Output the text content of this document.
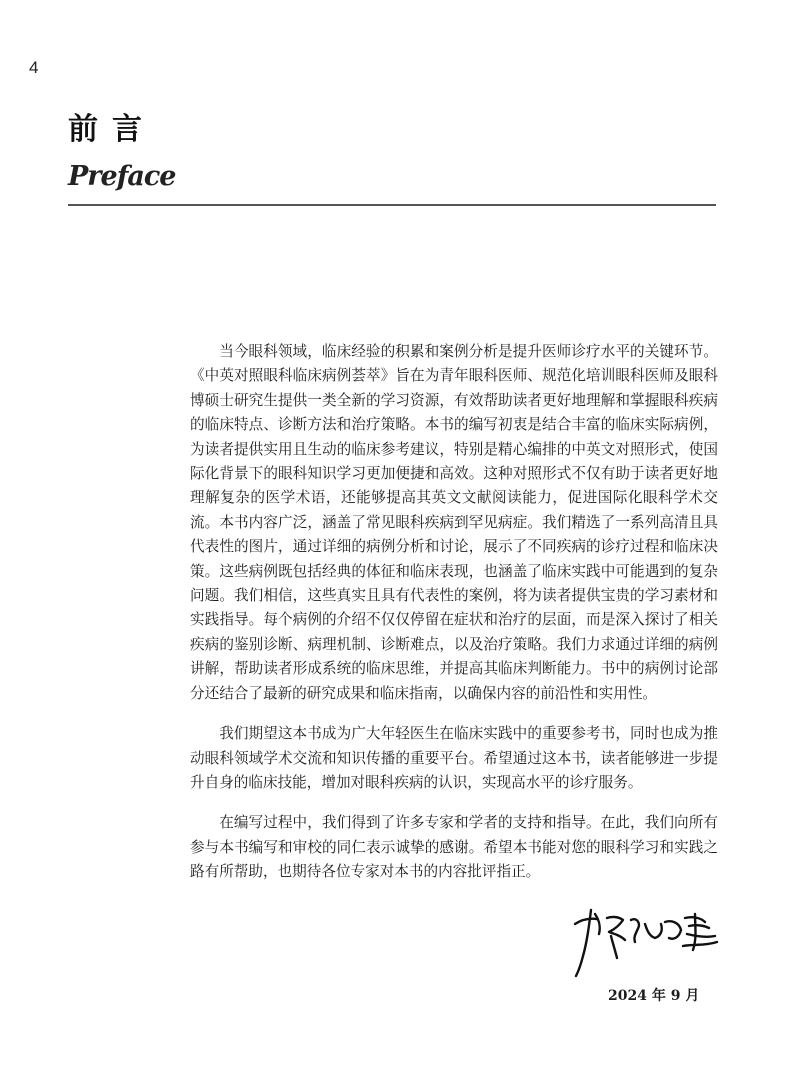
4
前言
Preface

当今眼科领域，临床经验的积累和案例分析是提升医师诊疗水平的关键环节。《中英对照眼科临床病例荟萃》旨在为青年眼科医师、规范化培训眼科医师及眼科博硕士研究生提供一类全新的学习资源，有效帮助读者更好地理解和掌握眼科疾病的临床特点、诊断方法和治疗策略。本书的编写初衷是结合丰富的临床实际病例，为读者提供实用且生动的临床参考建议，特别是精心编排的中英文对照形式，使国际化背景下的眼科知识学习更加便捷和高效。这种对照形式不仅有助于读者更好地理解复杂的医学术语，还能够提高其英文文献阅读能力，促进国际化眼科学术交流。本书内容广泛，涵盖了常见眼科疾病到罕见病症。我们精选了一系列高清且具代表性的图片，通过详细的病例分析和讨论，展示了不同疾病的诊疗过程和临床决策。这些病例既包括经典的体征和临床表现，也涵盖了临床实践中可能遇到的复杂问题。我们相信，这些真实且具有代表性的案例，将为读者提供宝贵的学习素材和实践指导。每个病例的介绍不仅仅停留在症状和治疗的层面，而是深入探讨了相关疾病的鉴别诊断、病理机制、诊断难点，以及治疗策略。我们力求通过详细的病例讲解，帮助读者形成系统的临床思维，并提高其临床判断能力。书中的病例讨论部分还结合了最新的研究成果和临床指南，以确保内容的前沿性和实用性。

我们期望这本书成为广大年轻医生在临床实践中的重要参考书，同时也成为推动眼科领域学术交流和知识传播的重要平台。希望通过这本书，读者能够进一步提升自身的临床技能，增加对眼科疾病的认识，实现高水平的诊疗服务。

在编写过程中，我们得到了许多专家和学者的支持和指导。在此，我们向所有参与本书编写和审校的同仁表示诚挚的感谢。希望本书能对您的眼科学习和实践之路有所帮助，也期待各位专家对本书的内容批评指正。

2024 年 9 月
